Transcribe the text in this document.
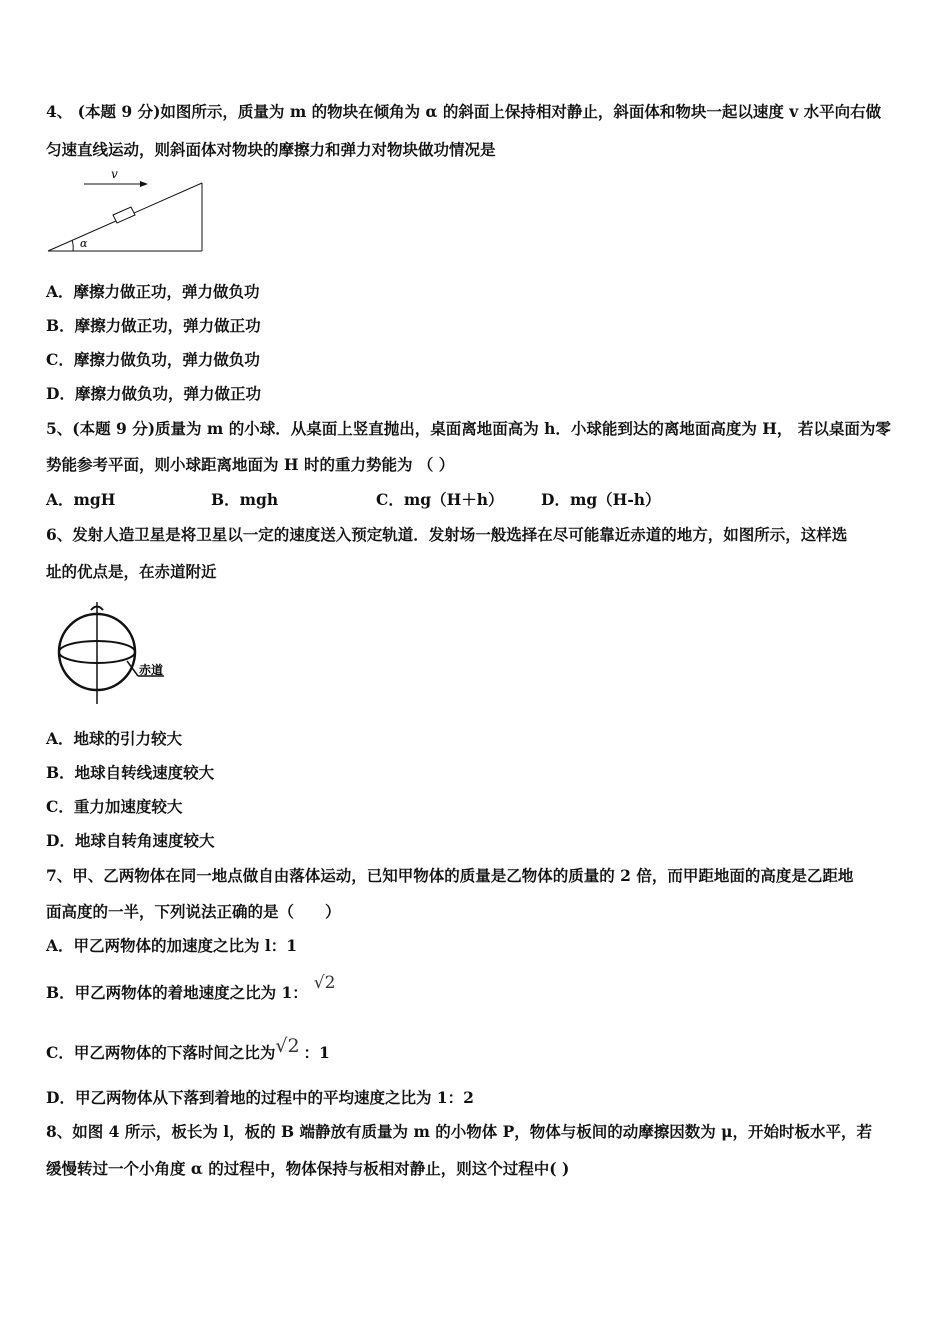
4、 (本题 9 分)如图所示，质量为 m 的物块在倾角为 α 的斜面上保持相对静止，斜面体和物块一起以速度 v 水平向右做
匀速直线运动，则斜面体对物块的摩擦力和弹力对物块做功情况是
v
α
A．摩擦力做正功，弹力做负功
B．摩擦力做正功，弹力做正功
C．摩擦力做负功，弹力做负功
D．摩擦力做负功，弹力做正功
5、(本题 9 分)质量为 m 的小球．从桌面上竖直抛出，桌面离地面高为 h．小球能到达的离地面高度为 H， 若以桌面为零
势能参考平面，则小球距离地面为 H 时的重力势能为 （ ）
A．mgH	B．mgh	C．mg（H＋h） D．mg（H-h）
6、发射人造卫星是将卫星以一定的速度送入预定轨道．发射场一般选择在尽可能靠近赤道的地方，如图所示，这样选
址的优点是，在赤道附近
赤道
A．地球的引力较大
B．地球自转线速度较大
C．重力加速度较大
D．地球自转角速度较大
7、甲、乙两物体在同一地点做自由落体运动，已知甲物体的质量是乙物体的质量的 2 倍，而甲距地面的高度是乙距地
面高度的一半，下列说法正确的是（　　）
A．甲乙两物体的加速度之比为 l：1
B．甲乙两物体的着地速度之比为 1： √2
C．甲乙两物体的下落时间之比为√2 ：1
D．甲乙两物体从下落到着地的过程中的平均速度之比为 1：2
8、如图 4 所示，板长为 l，板的 B 端静放有质量为 m 的小物体 P，物体与板间的动摩擦因数为 μ，开始时板水平，若
缓慢转过一个小角度 α 的过程中，物体保持与板相对静止，则这个过程中( )
